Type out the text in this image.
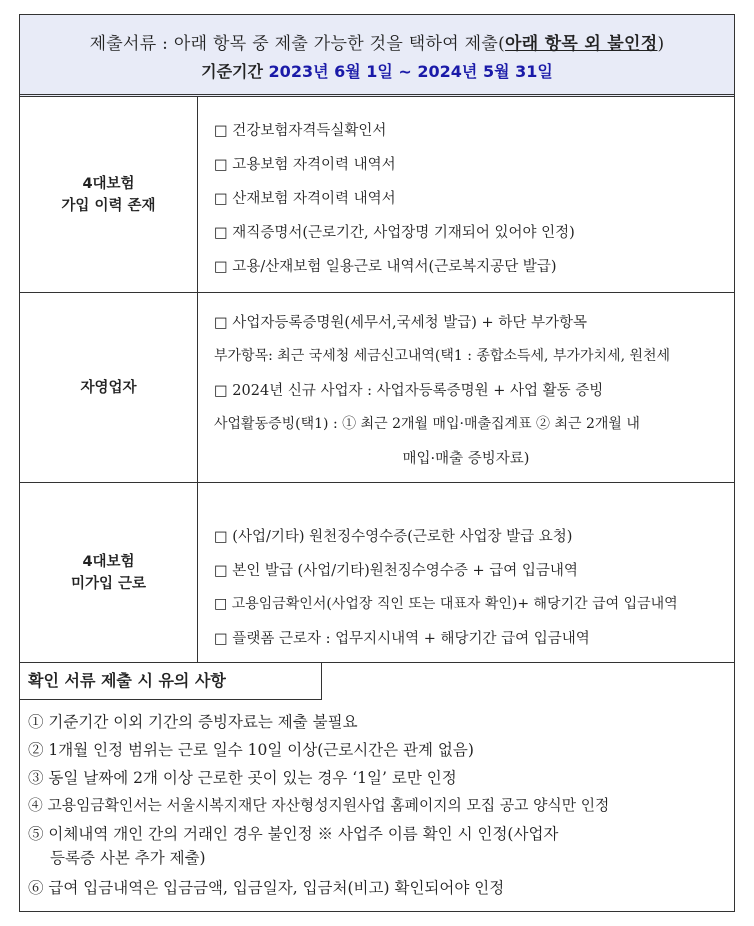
제출서류 : 아래 항목 중 제출 가능한 것을 택하여 제출(아래 항목 외 불인정)
기준기간 2023년 6월 1일 ~ 2024년 5월 31일
4대보험
가입 이력 존재
□ 건강보험자격득실확인서
□ 고용보험 자격이력 내역서
□ 산재보험 자격이력 내역서
□ 재직증명서(근로기간, 사업장명 기재되어 있어야 인정)
□ 고용/산재보험 일용근로 내역서(근로복지공단 발급)
자영업자
□ 사업자등록증명원(세무서,국세청 발급) + 하단 부가항목
부가항목: 최근 국세청 세금신고내역(택1 : 종합소득세, 부가가치세, 원천세
□ 2024년 신규 사업자 : 사업자등록증명원 + 사업 활동 증빙
사업활동증빙(택1) : ① 최근 2개월 매입·매출집계표 ② 최근 2개월 내
매입·매출 증빙자료)
4대보험
미가입 근로
□ (사업/기타) 원천징수영수증(근로한 사업장 발급 요청)
□ 본인 발급 (사업/기타)원천징수영수증 + 급여 입금내역
□ 고용임금확인서(사업장 직인 또는 대표자 확인)+ 해당기간 급여 입금내역
□ 플랫폼 근로자 : 업무지시내역 + 해당기간 급여 입금내역
확인 서류 제출 시 유의 사항
① 기준기간 이외 기간의 증빙자료는 제출 불필요
② 1개월 인정 범위는 근로 일수 10일 이상(근로시간은 관계 없음)
③ 동일 날짜에 2개 이상 근로한 곳이 있는 경우 ‘1일’ 로만 인정
④ 고용임금확인서는 서울시복지재단 자산형성지원사업 홈페이지의 모집 공고 양식만 인정
⑤ 이체내역 개인 간의 거래인 경우 불인정 ※ 사업주 이름 확인 시 인정(사업자
등록증 사본 추가 제출)
⑥ 급여 입금내역은 입금금액, 입금일자, 입금처(비고) 확인되어야 인정
